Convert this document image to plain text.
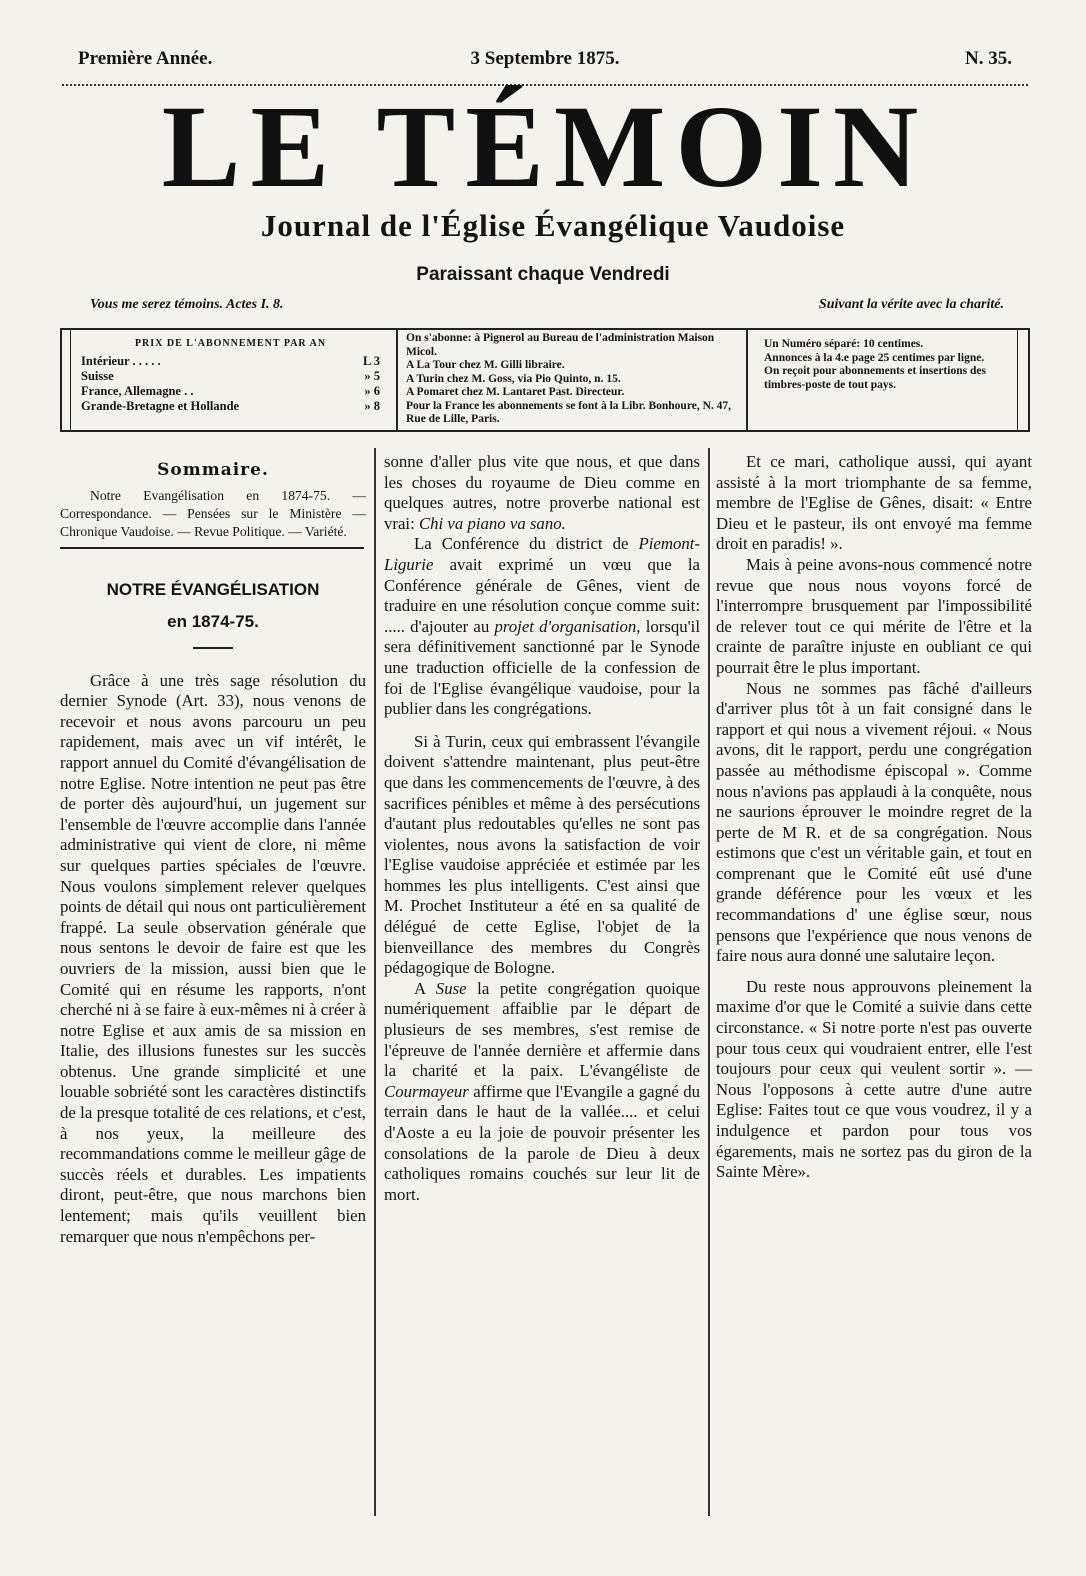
Première Année.	3 Septembre 1875.	N. 35.
LE TÉMOIN
Journal de l'Église Évangélique Vaudoise
Paraissant chaque Vendredi
Vous me serez témoins. Actes I. 8.	Suivant la vérite avec la charité.
PRIX DE L'ABONNEMENT PAR AN
Intérieur . . . . .	L 3
Suisse	» 5
France, Allemagne . .	» 6
Grande-Bretagne et Hollande	» 8
On s'abonne: à Pignerol au Bureau de l'administration Maison Micol.
A La Tour chez M. Gilli libraire.
A Turin chez M. Goss, via Pio Quinto, n. 15.
A Pomaret chez M. Lantaret Past. Directeur.
Pour la France les abonnements se font à la Libr. Bonhoure, N. 47, Rue de Lille, Paris.
Un Numéro séparé: 10 centimes.
Annonces à la 4.e page 25 centimes par ligne.
On reçoit pour abonnements et insertions des timbres-poste de tout pays.
Sommaire.

Notre Evangélisation en 1874-75. — Correspondance. — Pensées sur le Ministère — Chronique Vaudoise. — Revue Politique. — Variété.

NOTRE ÉVANGÉLISATION
en 1874-75.

Grâce à une très sage résolution du dernier Synode (Art. 33), nous venons de recevoir et nous avons parcouru un peu rapidement, mais avec un vif intérêt, le rapport annuel du Comité d'évangélisation de notre Eglise. Notre intention ne peut pas être de porter dès aujourd'hui, un jugement sur l'ensemble de l'œuvre accomplie dans l'année administrative qui vient de clore, ni même sur quelques parties spéciales de l'œuvre. Nous voulons simplement relever quelques points de détail qui nous ont particulièrement frappé. La seule observation générale que nous sentons le devoir de faire est que les ouvriers de la mission, aussi bien que le Comité qui en résume les rapports, n'ont cherché ni à se faire à eux-mêmes ni à créer à notre Eglise et aux amis de sa mission en Italie, des illusions funestes sur les succès obtenus. Une grande simplicité et une louable sobriété sont les caractères distinctifs de la presque totalité de ces relations, et c'est, à nos yeux, la meilleure des recommandations comme le meilleur gâge de succès réels et durables. Les impatients diront, peut-être, que nous marchons bien lentement; mais qu'ils veuillent bien remarquer que nous n'empêchons per-

sonne d'aller plus vite que nous, et que dans les choses du royaume de Dieu comme en quelques autres, notre proverbe national est vrai: Chi va piano va sano.

La Conférence du district de Piemont-Ligurie avait exprimé un vœu que la Conférence générale de Gênes, vient de traduire en une résolution conçue comme suit: ..... d'ajouter au projet d'organisation, lorsqu'il sera définitivement sanctionné par le Synode une traduction officielle de la confession de foi de l'Eglise évangélique vaudoise, pour la publier dans les congrégations.

Si à Turin, ceux qui embrassent l'évangile doivent s'attendre maintenant, plus peut-être que dans les commencements de l'œuvre, à des sacrifices pénibles et même à des persécutions d'autant plus redoutables qu'elles ne sont pas violentes, nous avons la satisfaction de voir l'Eglise vaudoise appréciée et estimée par les hommes les plus intelligents. C'est ainsi que M. Prochet Instituteur a été en sa qualité de délégué de cette Eglise, l'objet de la bienveillance des membres du Congrès pédagogique de Bologne.

A Suse la petite congrégation quoique numériquement affaiblie par le départ de plusieurs de ses membres, s'est remise de l'épreuve de l'année dernière et affermie dans la charité et la paix. L'évangéliste de Courmayeur affirme que l'Evangile a gagné du terrain dans le haut de la vallée.... et celui d'Aoste a eu la joie de pouvoir présenter les consolations de la parole de Dieu à deux catholiques romains couchés sur leur lit de mort.

Et ce mari, catholique aussi, qui ayant assisté à la mort triomphante de sa femme, membre de l'Eglise de Gênes, disait: « Entre Dieu et le pasteur, ils ont envoyé ma femme droit en paradis! ».

Mais à peine avons-nous commencé notre revue que nous nous voyons forcé de l'interrompre brusquement par l'impossibilité de relever tout ce qui mérite de l'être et la crainte de paraître injuste en oubliant ce qui pourrait être le plus important.

Nous ne sommes pas fâché d'ailleurs d'arriver plus tôt à un fait consigné dans le rapport et qui nous a vivement réjoui. « Nous avons, dit le rapport, perdu une congrégation passée au méthodisme épiscopal ». Comme nous n'avions pas applaudi à la conquête, nous ne saurions éprouver le moindre regret de la perte de M R. et de sa congrégation. Nous estimons que c'est un véritable gain, et tout en comprenant que le Comité eût usé d'une grande déférence pour les vœux et les recommandations d' une église sœur, nous pensons que l'expérience que nous venons de faire nous aura donné une salutaire leçon.

Du reste nous approuvons pleinement la maxime d'or que le Comité a suivie dans cette circonstance. « Si notre porte n'est pas ouverte pour tous ceux qui voudraient entrer, elle l'est toujours pour ceux qui veulent sortir ». — Nous l'opposons à cette autre d'une autre Eglise: Faites tout ce que vous voudrez, il y a indulgence et pardon pour tous vos égarements, mais ne sortez pas du giron de la Sainte Mère».
